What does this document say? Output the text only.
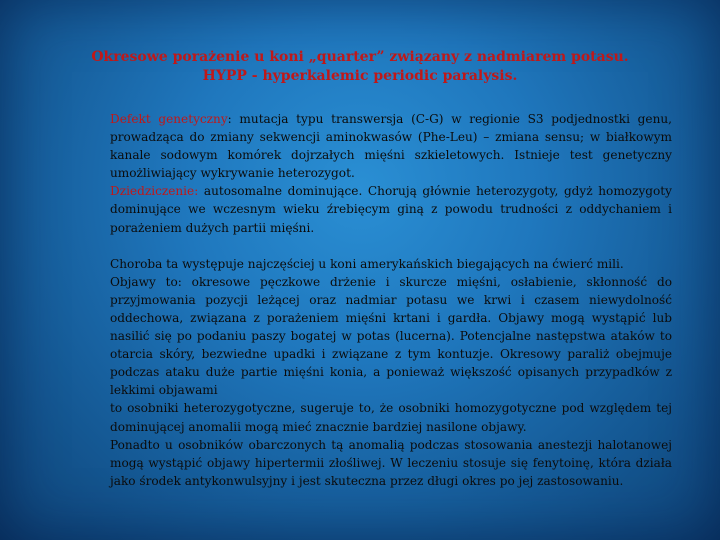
Okresowe porażenie u koni „quarter” związany z nadmiarem potasu.
HYPP - hyperkalemic periodic paralysis.

Defekt genetyczny: mutacja typu transwersja (C-G) w regionie S3 podjednostki genu, prowadząca do zmiany sekwencji aminokwasów (Phe-Leu) – zmiana sensu; w białkowym kanale sodowym komórek dojrzałych mięśni szkieletowych. Istnieje test genetyczny umożliwiający wykrywanie heterozygot.

Dziedziczenie: autosomalne dominujące. Chorują głównie heterozygoty, gdyż homozygoty dominujące we wczesnym wieku źrebięcym giną z powodu trudności z oddychaniem i porażeniem dużych partii mięśni.

Choroba ta występuje najczęściej u koni amerykańskich biegających na ćwierć mili.

Objawy to: okresowe pęczkowe drżenie i skurcze mięśni, osłabienie, skłonność do przyjmowania pozycji leżącej oraz nadmiar potasu we krwi i czasem niewydolność oddechowa, związana z porażeniem mięśni krtani i gardła. Objawy mogą wystąpić lub nasilić się po podaniu paszy bogatej w potas (lucerna). Potencjalne następstwa ataków to otarcia skóry, bezwiedne upadki i związane z tym kontuzje. Okresowy paraliż obejmuje podczas ataku duże partie mięśni konia, a ponieważ większość opisanych przypadków z lekkimi objawami

to osobniki heterozygotyczne, sugeruje to, że osobniki homozygotyczne pod względem tej dominującej anomalii mogą mieć znacznie bardziej nasilone objawy.

Ponadto u osobników obarczonych tą anomalią podczas stosowania anestezji halotanowej mogą wystąpić objawy hipertermii złośliwej. W leczeniu stosuje się fenytoinę, która działa jako środek antykonwulsyjny i jest skuteczna przez długi okres po jej zastosowaniu.
